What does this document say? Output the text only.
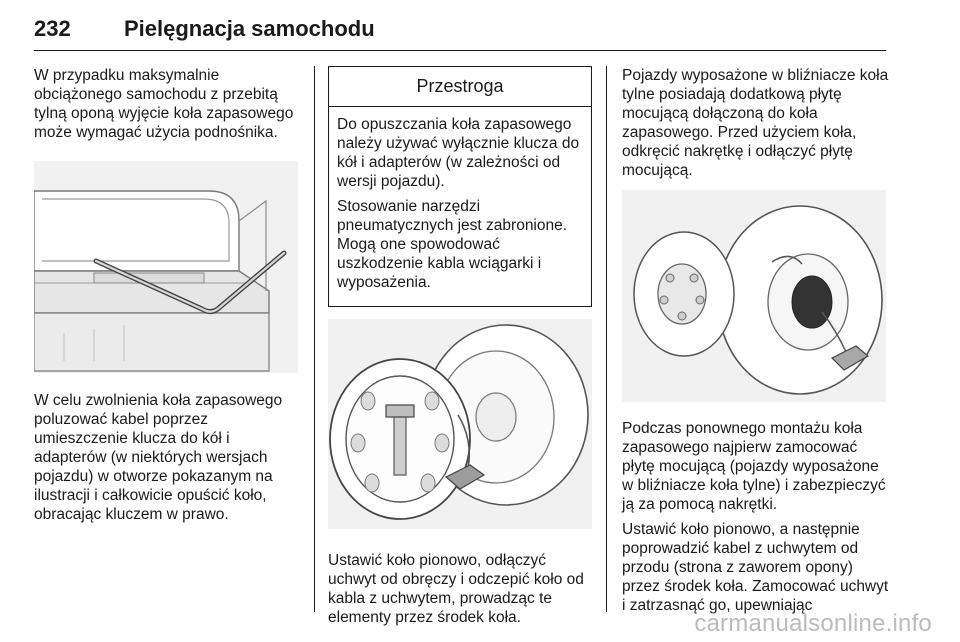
232 Pielęgnacja samochodu

W przypadku maksymalnie obciążonego samochodu z przebitą tylną oponą wyjęcie koła zapasowego może wymagać użycia podnośnika.

W celu zwolnienia koła zapasowego poluzować kabel poprzez umieszczenie klucza do kół i adapterów (w niektórych wersjach pojazdu) w otworze pokazanym na ilustracji i całkowicie opuścić koło, obracając kluczem w prawo.

Przestroga

Do opuszczania koła zapasowego należy używać wyłącznie klucza do kół i adapterów (w zależności od wersji pojazdu).

Stosowanie narzędzi pneumatycznych jest zabronione. Mogą one spowodować uszkodzenie kabla wciągarki i wyposażenia.

Ustawić koło pionowo, odłączyć uchwyt od obręczy i odczepić koło od kabla z uchwytem, prowadząc te elementy przez środek koła.

Pojazdy wyposażone w bliźniacze koła tylne posiadają dodatkową płytę mocującą dołączoną do koła zapasowego. Przed użyciem koła, odkręcić nakrętkę i odłączyć płytę mocującą.

Podczas ponownego montażu koła zapasowego najpierw zamocować płytę mocującą (pojazdy wyposażone w bliźniacze koła tylne) i zabezpieczyć ją za pomocą nakrętki.

Ustawić koło pionowo, a następnie poprowadzić kabel z uchwytem od przodu (strona z zaworem opony) przez środek koła. Zamocować uchwyt i zatrzasnąć go, upewniając

carmanualsonline.info
